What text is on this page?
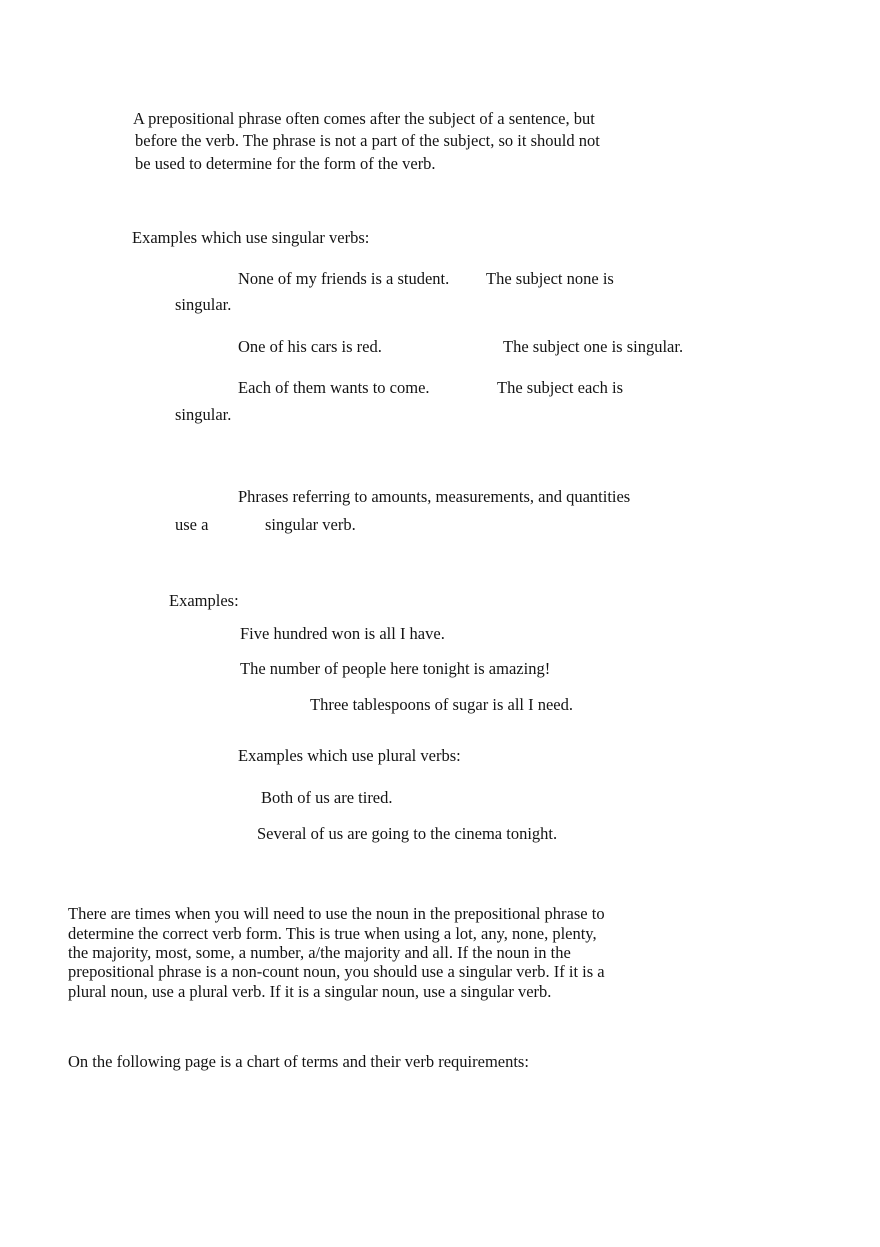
A prepositional phrase often comes after the subject of a sentence, but
before the verb. The phrase is not a part of the subject, so it should not
be used to determine for the form of the verb.
Examples which use singular verbs:
None of my friends is a student. The subject none is
singular.
One of his cars is red.	The subject one is singular.
Each of them wants to come.	The subject each is
singular.
Phrases referring to amounts, measurements, and quantities
use a	singular verb.
Examples:
Five hundred won is all I have.
The number of people here tonight is amazing!
Three tablespoons of sugar is all I need.
Examples which use plural verbs:
Both of us are tired.
Several of us are going to the cinema tonight.
There are times when you will need to use the noun in the prepositional phrase to
determine the correct verb form. This is true when using a lot, any, none, plenty,
the majority, most, some, a number, a/the majority and all. If the noun in the
prepositional phrase is a non-count noun, you should use a singular verb. If it is a
plural noun, use a plural verb. If it is a singular noun, use a singular verb.
On the following page is a chart of terms and their verb requirements:
